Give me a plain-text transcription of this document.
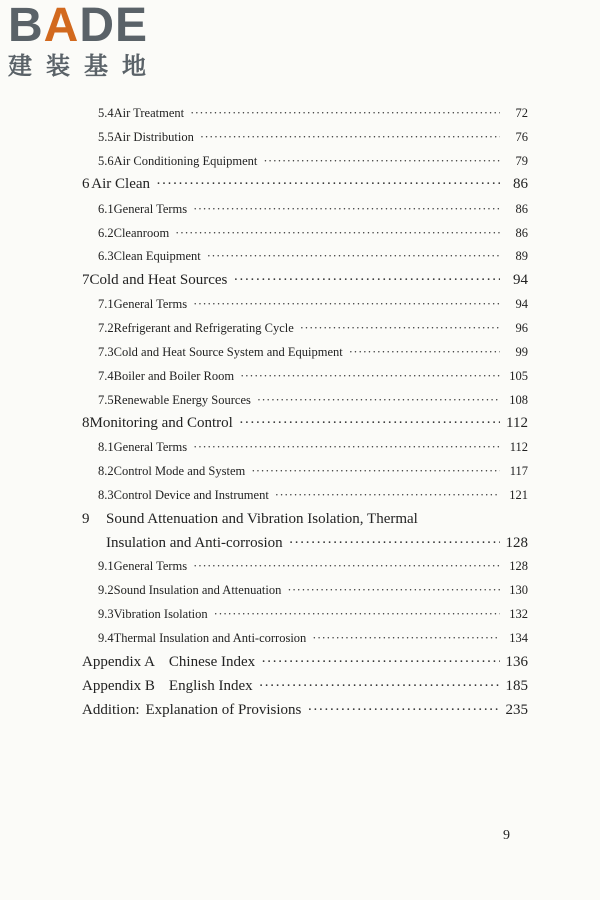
BADE
建装基地
5.4 Air Treatment ·····	72
5.5 Air Distribution ·····	76
5.6 Air Conditioning Equipment ·····	79
6 Air Clean ·····	86
6.1 General Terms ·····	86
6.2 Cleanroom ·····	86
6.3 Clean Equipment ·····	89
7 Cold and Heat Sources ·····	94
7.1 General Terms ·····	94
7.2 Refrigerant and Refrigerating Cycle ·····	96
7.3 Cold and Heat Source System and Equipment ·····	99
7.4 Boiler and Boiler Room ·····	105
7.5 Renewable Energy Sources ·····	108
8 Monitoring and Control ·····	112
8.1 General Terms ·····	112
8.2 Control Mode and System ·····	117
8.3 Control Device and Instrument ·····	121
9 Sound Attenuation and Vibration Isolation, Thermal
Insulation and Anti-corrosion ·····	128
9.1 General Terms ·····	128
9.2 Sound Insulation and Attenuation ·····	130
9.3 Vibration Isolation ·····	132
9.4 Thermal Insulation and Anti-corrosion ·····	134
Appendix A Chinese Index ·····	136
Appendix B English Index ·····	185
Addition: Explanation of Provisions ·····	235
9
